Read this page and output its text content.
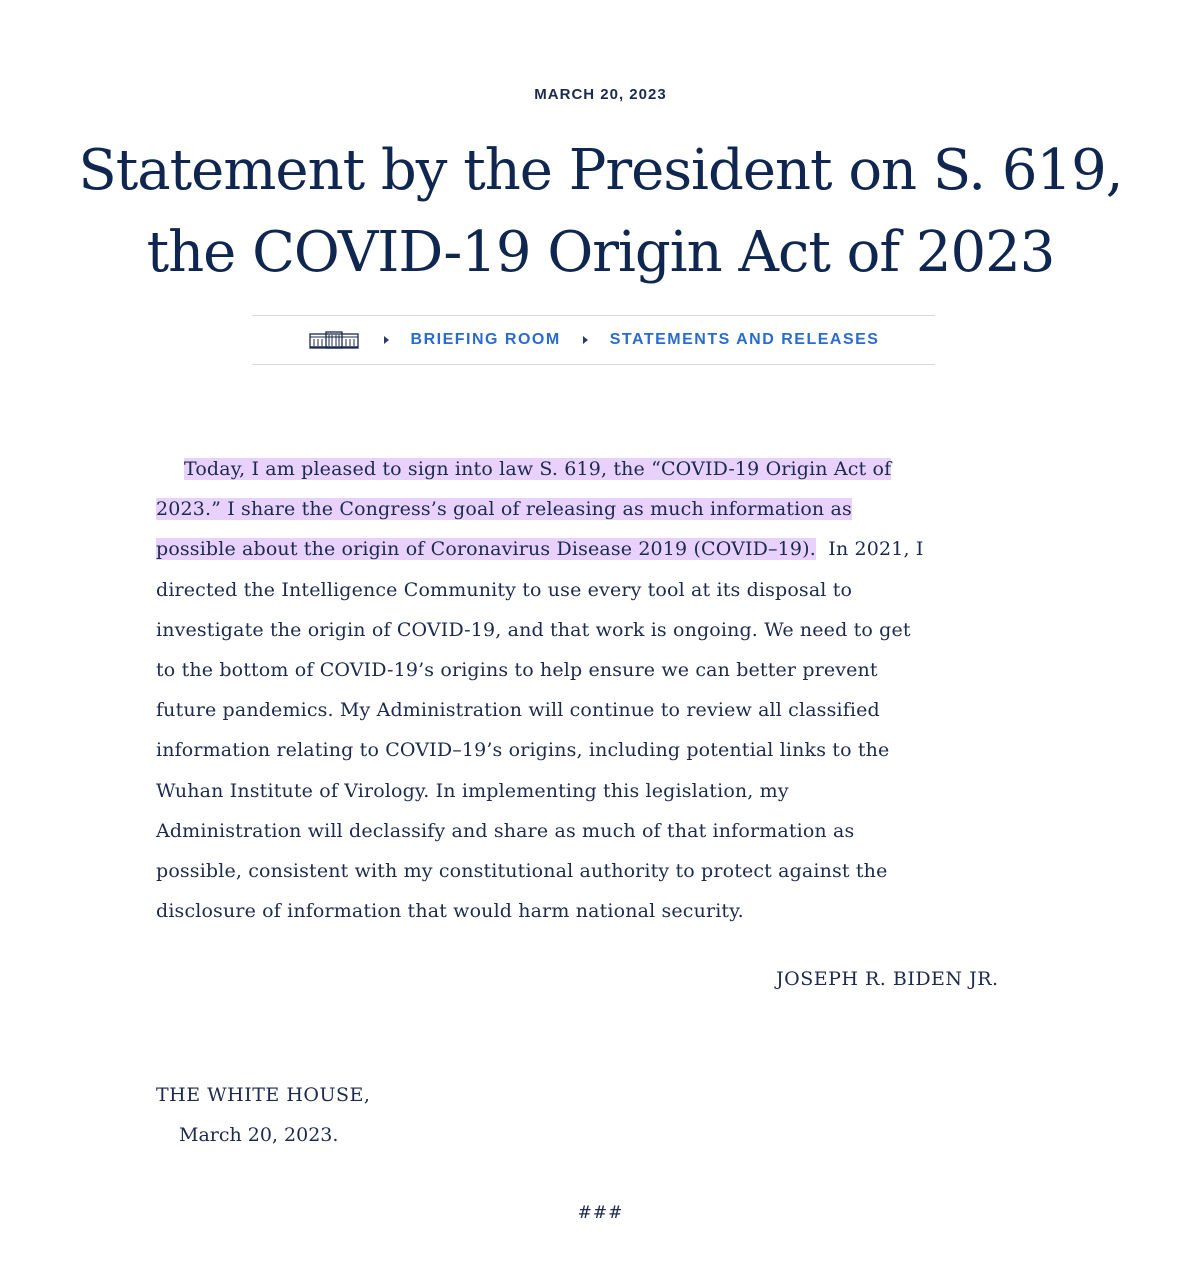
MARCH 20, 2023
Statement by the President on S. 619,
the COVID-19 Origin Act of 2023
BRIEFING ROOM	STATEMENTS AND RELEASES
Today, I am pleased to sign into law S. 619, the “COVID-19 Origin Act of
2023.” I share the Congress’s goal of releasing as much information as
possible about the origin of Coronavirus Disease 2019 (COVID–19).  In 2021, I
directed the Intelligence Community to use every tool at its disposal to
investigate the origin of COVID-19, and that work is ongoing. We need to get
to the bottom of COVID-19’s origins to help ensure we can better prevent
future pandemics. My Administration will continue to review all classified
information relating to COVID–19’s origins, including potential links to the
Wuhan Institute of Virology. In implementing this legislation, my
Administration will declassify and share as much of that information as
possible, consistent with my constitutional authority to protect against the
disclosure of information that would harm national security.
JOSEPH R. BIDEN JR.
THE WHITE HOUSE,
March 20, 2023.
###
